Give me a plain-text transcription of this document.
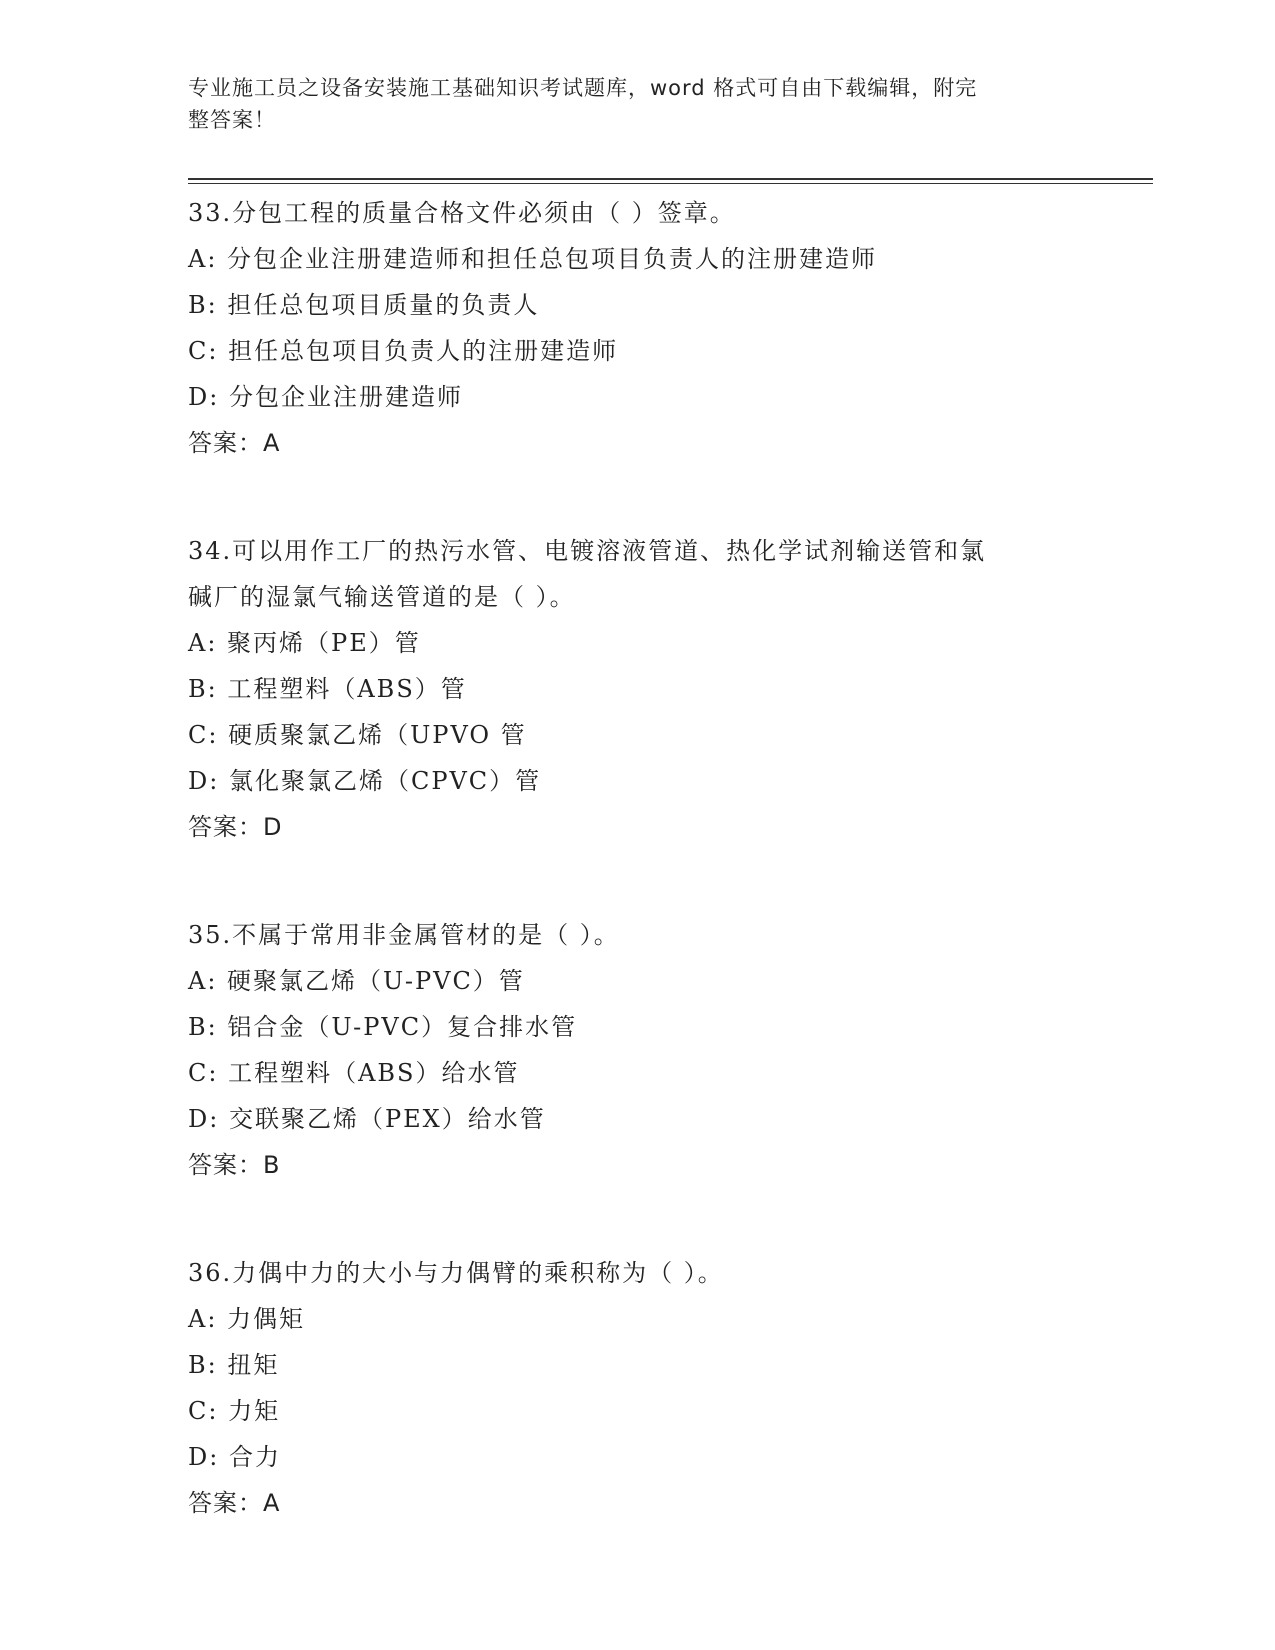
专业施工员之设备安装施工基础知识考试题库，word 格式可自由下载编辑，附完
整答案！
33.分包工程的质量合格文件必须由（ ）签章。
A: 分包企业注册建造师和担任总包项目负责人的注册建造师
B: 担任总包项目质量的负责人
C: 担任总包项目负责人的注册建造师
D: 分包企业注册建造师
答案：A
34.可以用作工厂的热污水管、电镀溶液管道、热化学试剂输送管和氯
碱厂的湿氯气输送管道的是（ ）。
A: 聚丙烯（PE）管
B: 工程塑料（ABS）管
C: 硬质聚氯乙烯（UPVO 管
D: 氯化聚氯乙烯（CPVC）管
答案：D
35.不属于常用非金属管材的是（ ）。
A: 硬聚氯乙烯（U-PVC）管
B: 铝合金（U-PVC）复合排水管
C: 工程塑料（ABS）给水管
D: 交联聚乙烯（PEX）给水管
答案：B
36.力偶中力的大小与力偶臂的乘积称为（ ）。
A: 力偶矩
B: 扭矩
C: 力矩
D: 合力
答案：A
